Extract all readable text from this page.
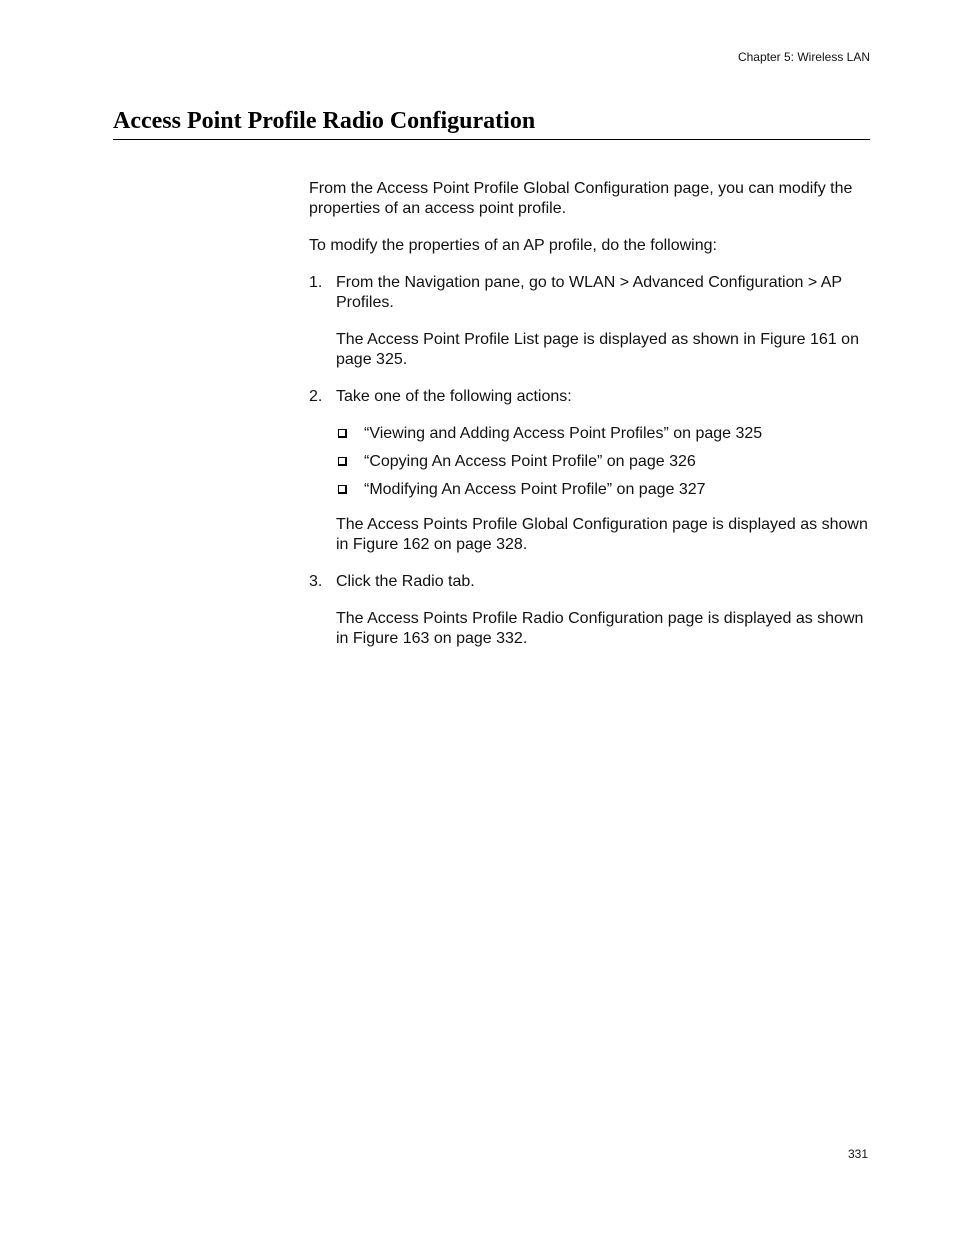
Chapter 5: Wireless LAN
Access Point Profile Radio Configuration

From the Access Point Profile Global Configuration page, you can modify the properties of an access point profile.

To modify the properties of an AP profile, do the following:

1. From the Navigation pane, go to WLAN > Advanced Configuration > AP Profiles.

The Access Point Profile List page is displayed as shown in Figure 161 on page 325.

2. Take one of the following actions:

“Viewing and Adding Access Point Profiles” on page 325
“Copying An Access Point Profile” on page 326
“Modifying An Access Point Profile” on page 327

The Access Points Profile Global Configuration page is displayed as shown in Figure 162 on page 328.

3. Click the Radio tab.

The Access Points Profile Radio Configuration page is displayed as shown in Figure 163 on page 332.

331
